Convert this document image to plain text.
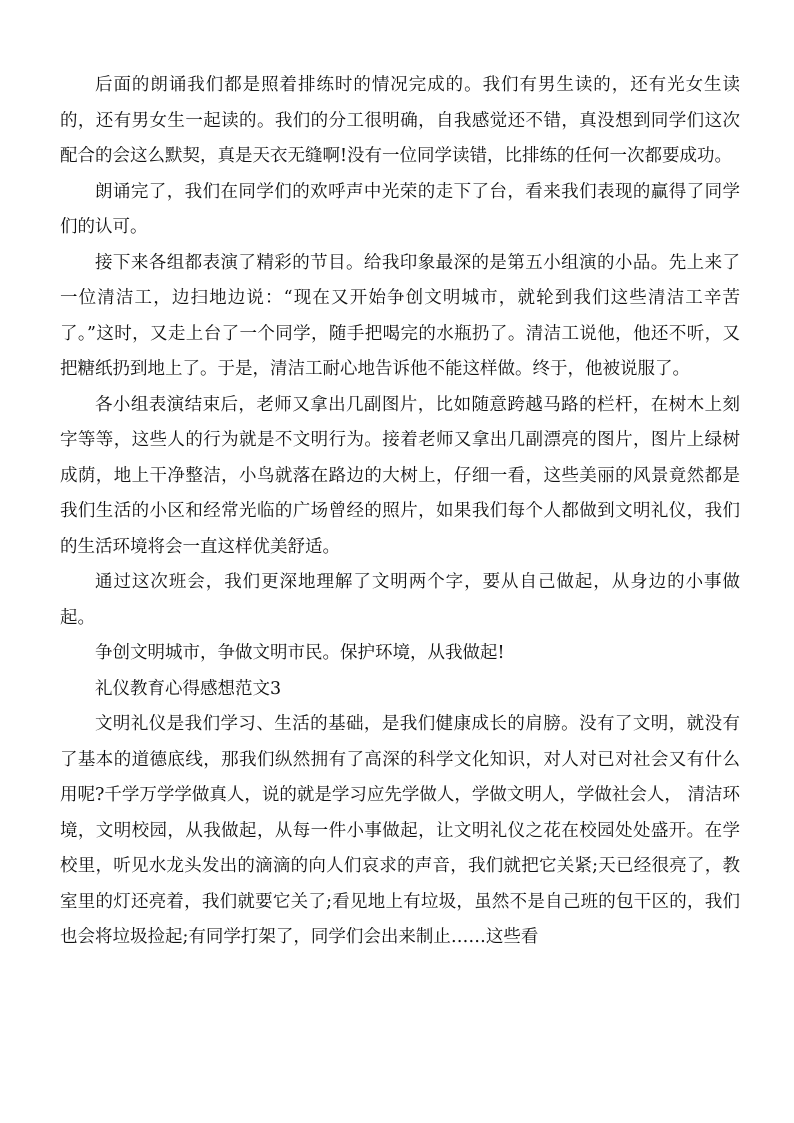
后面的朗诵我们都是照着排练时的情况完成的。我们有男生读的，还有光女生读的，还有男女生一起读的。我们的分工很明确，自我感觉还不错，真没想到同学们这次配合的会这么默契，真是天衣无缝啊!没有一位同学读错，比排练的任何一次都要成功。

朗诵完了，我们在同学们的欢呼声中光荣的走下了台，看来我们表现的赢得了同学们的认可。

接下来各组都表演了精彩的节目。给我印象最深的是第五小组演的小品。先上来了一位清洁工，边扫地边说：“现在又开始争创文明城市，就轮到我们这些清洁工辛苦了。”这时，又走上台了一个同学，随手把喝完的水瓶扔了。清洁工说他，他还不听，又把糖纸扔到地上了。于是，清洁工耐心地告诉他不能这样做。终于，他被说服了。

各小组表演结束后，老师又拿出几副图片，比如随意跨越马路的栏杆，在树木上刻字等等，这些人的行为就是不文明行为。接着老师又拿出几副漂亮的图片，图片上绿树成荫，地上干净整洁，小鸟就落在路边的大树上，仔细一看，这些美丽的风景竟然都是我们生活的小区和经常光临的广场曾经的照片，如果我们每个人都做到文明礼仪，我们的生活环境将会一直这样优美舒适。

通过这次班会，我们更深地理解了文明两个字，要从自己做起，从身边的小事做起。

争创文明城市，争做文明市民。保护环境，从我做起!

礼仪教育心得感想范文3

文明礼仪是我们学习、生活的基础，是我们健康成长的肩膀。没有了文明，就没有了基本的道德底线，那我们纵然拥有了高深的科学文化知识，对人对已对社会又有什么用呢?千学万学学做真人，说的就是学习应先学做人，学做文明人，学做社会人， 清洁环境，文明校园，从我做起，从每一件小事做起，让文明礼仪之花在校园处处盛开。在学校里，听见水龙头发出的滴滴的向人们哀求的声音，我们就把它关紧;天已经很亮了，教室里的灯还亮着，我们就要它关了;看见地上有垃圾，虽然不是自己班的包干区的，我们也会将垃圾捡起;有同学打架了，同学们会出来制止……这些看
